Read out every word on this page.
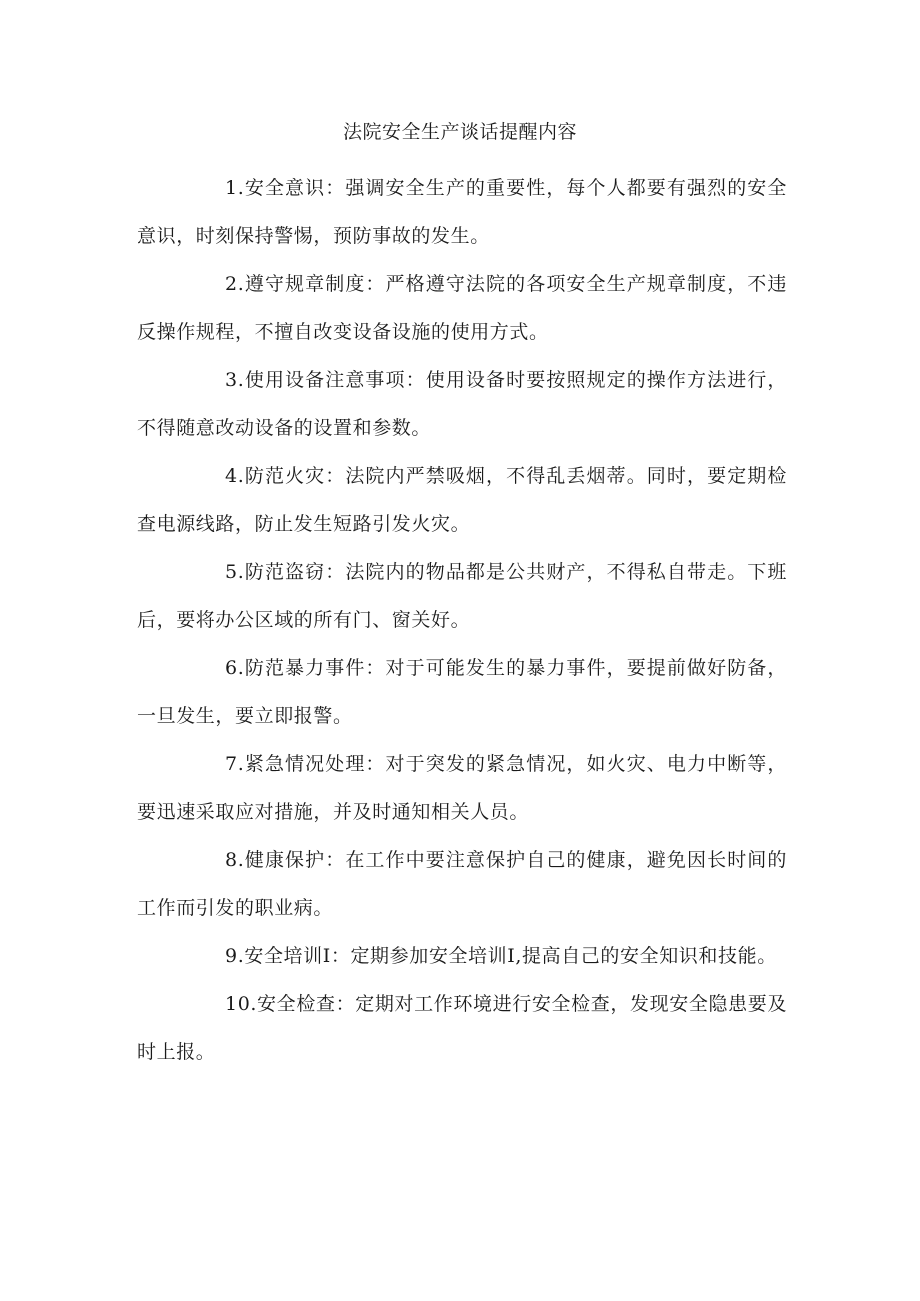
法院安全生产谈话提醒内容

1.安全意识：强调安全生产的重要性，每个人都要有强烈的安全意识，时刻保持警惕，预防事故的发生。

2.遵守规章制度：严格遵守法院的各项安全生产规章制度，不违反操作规程，不擅自改变设备设施的使用方式。

3.使用设备注意事项：使用设备时要按照规定的操作方法进行，不得随意改动设备的设置和参数。

4.防范火灾：法院内严禁吸烟，不得乱丢烟蒂。同时，要定期检查电源线路，防止发生短路引发火灾。

5.防范盗窃：法院内的物品都是公共财产，不得私自带走。下班后，要将办公区域的所有门、窗关好。

6.防范暴力事件：对于可能发生的暴力事件，要提前做好防备，一旦发生，要立即报警。

7.紧急情况处理：对于突发的紧急情况，如火灾、电力中断等，要迅速采取应对措施，并及时通知相关人员。

8.健康保护：在工作中要注意保护自己的健康，避免因长时间的工作而引发的职业病。

9.安全培训I：定期参加安全培训I,提高自己的安全知识和技能。

10.安全检查：定期对工作环境进行安全检查，发现安全隐患要及时上报。
